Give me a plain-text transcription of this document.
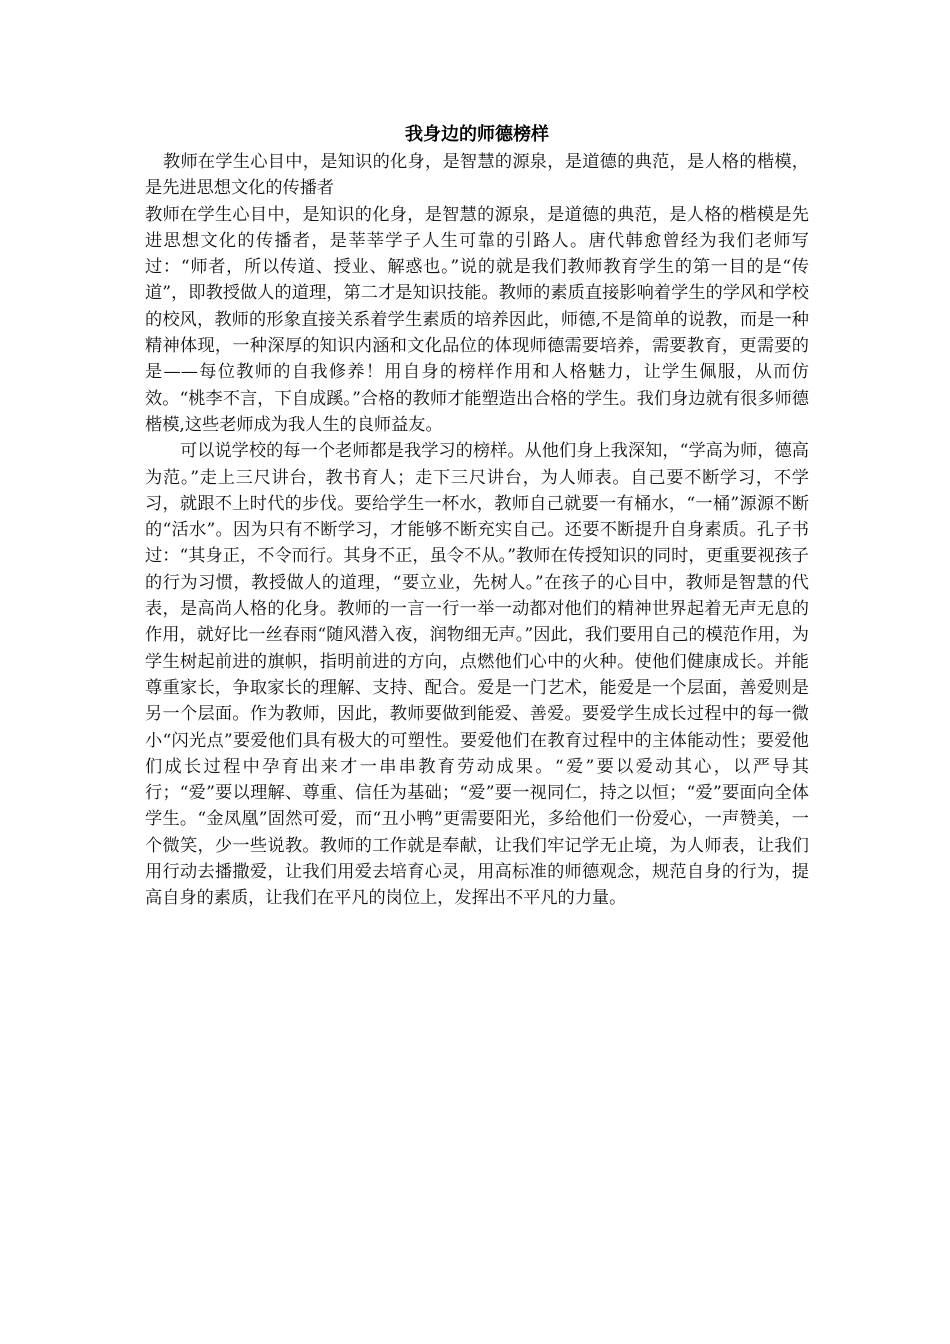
我身边的师德榜样

教师在学生心目中，是知识的化身，是智慧的源泉，是道德的典范，是人格的楷模，是先进思想文化的传播者

教师在学生心目中，是知识的化身，是智慧的源泉，是道德的典范，是人格的楷模是先进思想文化的传播者，是莘莘学子人生可靠的引路人。唐代韩愈曾经为我们老师写过：“师者，所以传道、授业、解惑也。”说的就是我们教师教育学生的第一目的是“传道”，即教授做人的道理，第二才是知识技能。教师的素质直接影响着学生的学风和学校的校风，教师的形象直接关系着学生素质的培养因此，师德,不是简单的说教，而是一种精神体现，一种深厚的知识内涵和文化品位的体现师德需要培养，需要教育，更需要的是——每位教师的自我修养！用自身的榜样作用和人格魅力，让学生佩服，从而仿效。“桃李不言，下自成蹊。”合格的教师才能塑造出合格的学生。我们身边就有很多师德楷模,这些老师成为我人生的良师益友。

可以说学校的每一个老师都是我学习的榜样。从他们身上我深知，“学高为师，德高为范。”走上三尺讲台，教书育人；走下三尺讲台，为人师表。自己要不断学习，不学习，就跟不上时代的步伐。要给学生一杯水，教师自己就要一有桶水，“一桶”源源不断的“活水”。因为只有不断学习，才能够不断充实自己。还要不断提升自身素质。孔子书过：“其身正，不令而行。其身不正，虽令不从。”教师在传授知识的同时，更重要视孩子的行为习惯，教授做人的道理，“要立业，先树人。”在孩子的心目中，教师是智慧的代表，是高尚人格的化身。教师的一言一行一举一动都对他们的精神世界起着无声无息的作用，就好比一丝春雨“随风潜入夜，润物细无声。”因此，我们要用自己的模范作用，为学生树起前进的旗帜，指明前进的方向，点燃他们心中的火种。使他们健康成长。并能尊重家长，争取家长的理解、支持、配合。爱是一门艺术，能爱是一个层面，善爱则是另一个层面。作为教师，因此，教师要做到能爱、善爱。要爱学生成长过程中的每一微小“闪光点”要爱他们具有极大的可塑性。要爱他们在教育过程中的主体能动性；要爱他们成长过程中孕育出来才一串串教育劳动成果。“爱”要以爱动其心，以严导其行；“爱”要以理解、尊重、信任为基础；“爱”要一视同仁，持之以恒；“爱”要面向全体学生。“金凤凰”固然可爱，而“丑小鸭”更需要阳光，多给他们一份爱心，一声赞美，一个微笑，少一些说教。教师的工作就是奉献，让我们牢记学无止境，为人师表，让我们用行动去播撒爱，让我们用爱去培育心灵，用高标准的师德观念，规范自身的行为，提高自身的素质，让我们在平凡的岗位上，发挥出不平凡的力量。
